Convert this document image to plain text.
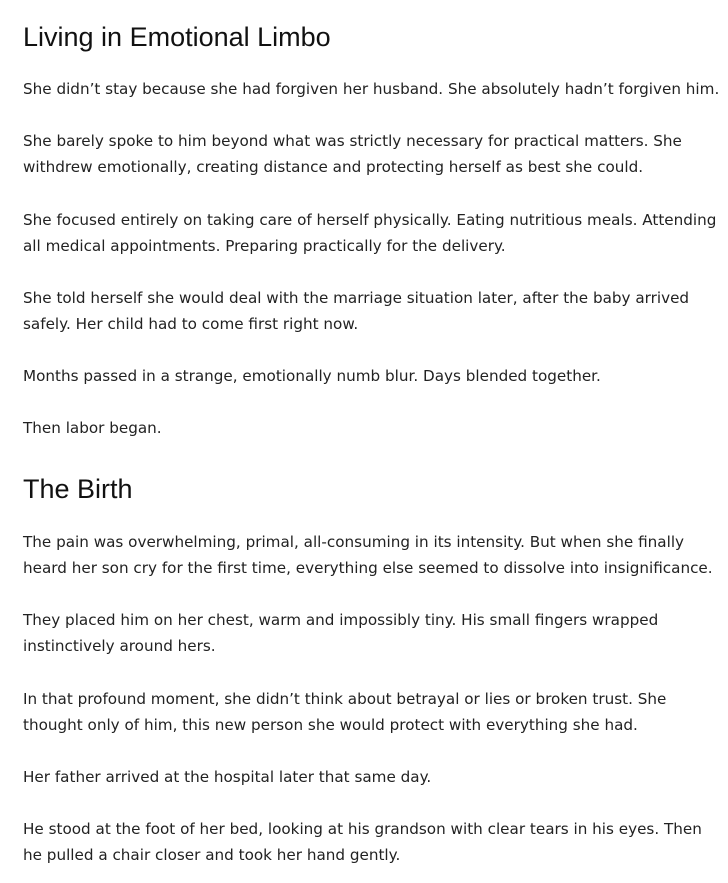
Living in Emotional Limbo

She didn’t stay because she had forgiven her husband. She absolutely hadn’t forgiven him.

She barely spoke to him beyond what was strictly necessary for practical matters. She
withdrew emotionally, creating distance and protecting herself as best she could.

She focused entirely on taking care of herself physically. Eating nutritious meals. Attending
all medical appointments. Preparing practically for the delivery.

She told herself she would deal with the marriage situation later, after the baby arrived
safely. Her child had to come first right now.

Months passed in a strange, emotionally numb blur. Days blended together.

Then labor began.

The Birth

The pain was overwhelming, primal, all-consuming in its intensity. But when she finally
heard her son cry for the first time, everything else seemed to dissolve into insignificance.

They placed him on her chest, warm and impossibly tiny. His small fingers wrapped
instinctively around hers.

In that profound moment, she didn’t think about betrayal or lies or broken trust. She
thought only of him, this new person she would protect with everything she had.

Her father arrived at the hospital later that same day.

He stood at the foot of her bed, looking at his grandson with clear tears in his eyes. Then
he pulled a chair closer and took her hand gently.
